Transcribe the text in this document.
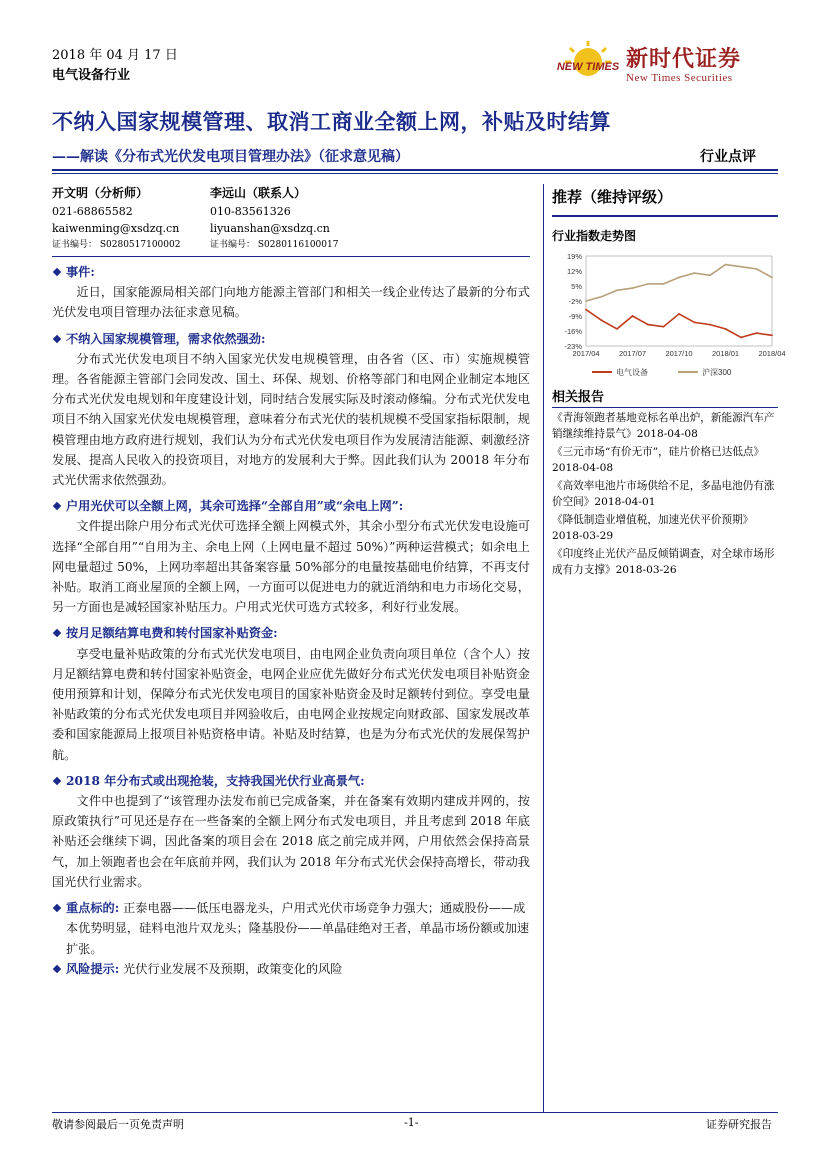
2018 年 04 月 17 日
电气设备行业
NEW TIMES 新时代证券
New Times Securities
不纳入国家规模管理、取消工商业全额上网，补贴及时结算
——解读《分布式光伏发电项目管理办法》（征求意见稿）	行业点评
开文明（分析师）
021-68865582
kaiwenming@xsdzq.cn
证书编号： S0280517100002
李远山（联系人）
010-83561326
liyuanshan@xsdzq.cn
证书编号： S0280116100017
事件:
近日，国家能源局相关部门向地方能源主管部门和相关一线企业传达了最新的分布式光伏发电项目管理办法征求意见稿。
不纳入国家规模管理，需求依然强劲:
分布式光伏发电项目不纳入国家光伏发电规模管理，由各省（区、市）实施规模管理。各省能源主管部门会同发改、国土、环保、规划、价格等部门和电网企业制定本地区分布式光伏发电规划和年度建设计划，同时结合发展实际及时滚动修编。分布式光伏发电项目不纳入国家光伏发电规模管理，意味着分布式光伏的装机规模不受国家指标限制，规模管理由地方政府进行规划，我们认为分布式光伏发电项目作为发展清洁能源、刺激经济发展、提高人民收入的投资项目，对地方的发展利大于弊。因此我们认为 20018 年分布式光伏需求依然强劲。
户用光伏可以全额上网，其余可选择“全部自用”或“余电上网”:
文件提出除户用分布式光伏可选择全额上网模式外，其余小型分布式光伏发电设施可选择“全部自用”“自用为主、余电上网（上网电量不超过 50%）”两种运营模式；如余电上网电量超过 50%，上网功率超出其备案容量 50%部分的电量按基础电价结算，不再支付补贴。取消工商业屋顶的全额上网，一方面可以促进电力的就近消纳和电力市场化交易，另一方面也是减轻国家补贴压力。户用式光伏可选方式较多，利好行业发展。
按月足额结算电费和转付国家补贴资金:
享受电量补贴政策的分布式光伏发电项目，由电网企业负责向项目单位（含个人）按月足额结算电费和转付国家补贴资金，电网企业应优先做好分布式光伏发电项目补贴资金使用预算和计划，保障分布式光伏发电项目的国家补贴资金及时足额转付到位。享受电量补贴政策的分布式光伏发电项目并网验收后，由电网企业按规定向财政部、国家发展改革委和国家能源局上报项目补贴资格申请。补贴及时结算，也是为分布式光伏的发展保驾护航。
2018 年分布式或出现抢装，支持我国光伏行业高景气:
文件中也提到了“该管理办法发布前已完成备案，并在备案有效期内建成并网的，按原政策执行”可见还是存在一些备案的全额上网分布式发电项目，并且考虑到 2018 年底补贴还会继续下调，因此备案的项目会在 2018 底之前完成并网，户用依然会保持高景气，加上领跑者也会在年底前并网，我们认为 2018 年分布式光伏会保持高增长，带动我国光伏行业需求。
重点标的: 正泰电器——低压电器龙头，户用式光伏市场竞争力强大；通威股份——成本优势明显，硅料电池片双龙头；隆基股份——单晶硅绝对王者，单晶市场份额或加速扩张。
风险提示: 光伏行业发展不及预期，政策变化的风险
推荐（维持评级）
行业指数走势图
19%
12%
5%
-2%
-9%
-16%
-23%
2017/04	2017/07	2017/10	2018/01	2018/04
电气设备	沪深300
相关报告
《青海领跑者基地竞标名单出炉，新能源汽车产销继续维持景气》2018-04-08
《三元市场“有价无市”，硅片价格已达低点》2018-04-08
《高效率电池片市场供给不足，多晶电池仍有涨价空间》2018-04-01
《降低制造业增值税，加速光伏平价预期》2018-03-29
《印度终止光伏产品反倾销调查，对全球市场形成有力支撑》2018-03-26
敬请参阅最后一页免责声明	-1-	证券研究报告
